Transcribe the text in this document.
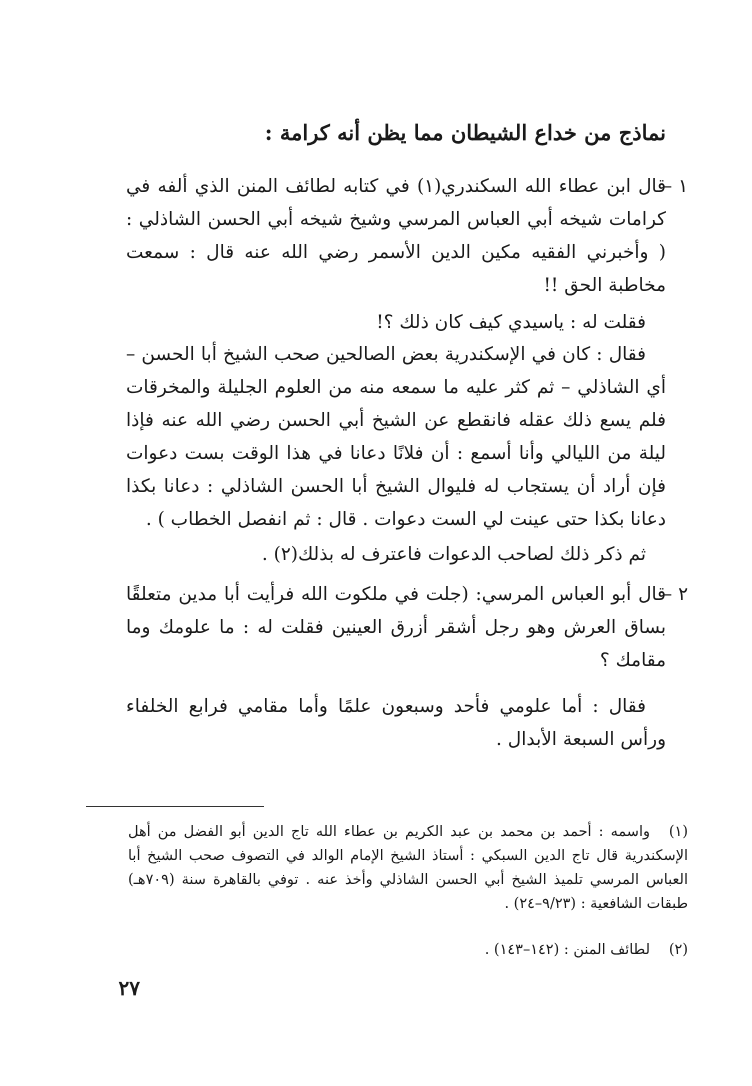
نماذج من خداع الشيطان مما يظن أنه كرامة :
١ –

قال ابن عطاء الله السكندري(١) في كتابه لطائف المنن الذي ألفه في كرامات شيخه أبي العباس المرسي وشيخ شيخه أبي الحسن الشاذلي : ( وأخبرني الفقيه مكين الدين الأسمر رضي الله عنه قال : سمعت مخاطبة الحق !!

فقلت له : ياسيدي كيف كان ذلك ؟!

فقال : كان في الإسكندرية بعض الصالحين صحب الشيخ أبا الحسن – أي الشاذلي – ثم كثر عليه ما سمعه منه من العلوم الجليلة والمخرقات فلم يسع ذلك عقله فانقطع عن الشيخ أبي الحسن رضي الله عنه فإذا ليلة من الليالي وأنا أسمع : أن فلانًا دعانا في هذا الوقت بست دعوات فإن أراد أن يستجاب له فليوال الشيخ أبا الحسن الشاذلي : دعانا بكذا دعانا بكذا حتى عينت لي الست دعوات . قال : ثم انفصل الخطاب ) .

ثم ذكر ذلك لصاحب الدعوات فاعترف له بذلك(٢) .

٢ –

قال أبو العباس المرسي: (جلت في ملكوت الله فرأيت أبا مدين متعلقًا بساق العرش وهو رجل أشقر أزرق العينين فقلت له : ما علومك وما مقامك ؟

فقال : أما علومي فأحد وسبعون علمًا وأما مقامي فرابع الخلفاء ورأس السبعة الأبدال .

(١)واسمه : أحمد بن محمد بن عبد الكريم بن عطاء الله تاج الدين أبو الفضل من أهل الإسكندرية قال تاج الدين السبكي : أستاذ الشيخ الإمام الوالد في التصوف صحب الشيخ أبا العباس المرسي تلميذ الشيخ أبي الحسن الشاذلي وأخذ عنه . توفي بالقاهرة سنة (٧٠٩هـ) طبقات الشافعية : (٩/٢٣–٢٤) .

(٢)لطائف المنن : (١٤٢–١٤٣) .

٢٧
